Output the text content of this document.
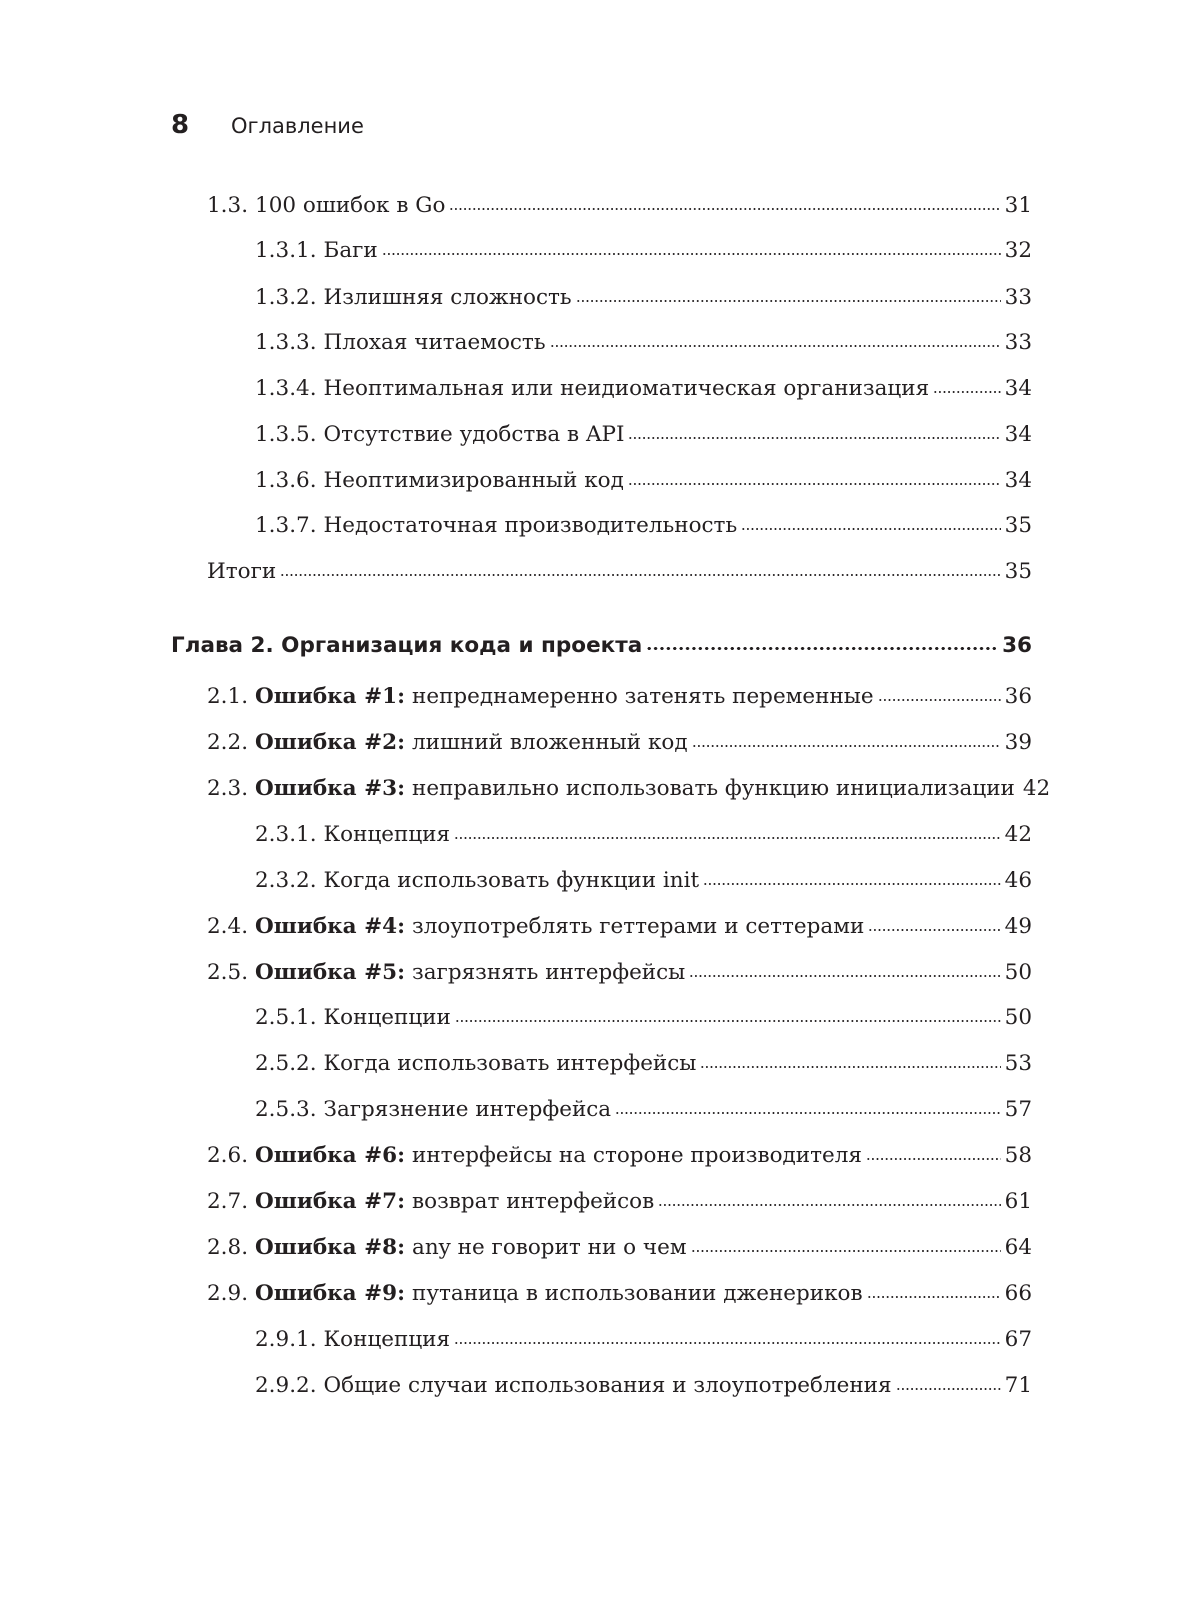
8	Оглавление
1.3. 100 ошибок в Go	31
1.3.1. Баги	32
1.3.2. Излишняя сложность	33
1.3.3. Плохая читаемость	33
1.3.4. Неоптимальная или неидиоматическая организация	34
1.3.5. Отсутствие удобства в API	34
1.3.6. Неоптимизированный код	34
1.3.7. Недостаточная производительность	35
Итоги	35
Глава 2. Организация кода и проекта	36
2.1. Ошибка #1: непреднамеренно затенять переменные	36
2.2. Ошибка #2: лишний вложенный код	39
2.3. Ошибка #3: неправильно использовать функцию инициализации 42
2.3.1. Концепция	42
2.3.2. Когда использовать функции init	46
2.4. Ошибка #4: злоупотреблять геттерами и сеттерами	49
2.5. Ошибка #5: загрязнять интерфейсы	50
2.5.1. Концепции	50
2.5.2. Когда использовать интерфейсы	53
2.5.3. Загрязнение интерфейса	57
2.6. Ошибка #6: интерфейсы на стороне производителя	58
2.7. Ошибка #7: возврат интерфейсов	61
2.8. Ошибка #8: any не говорит ни о чем	64
2.9. Ошибка #9: путаница в использовании дженериков	66
2.9.1. Концепция	67
2.9.2. Общие случаи использования и злоупотребления	71
